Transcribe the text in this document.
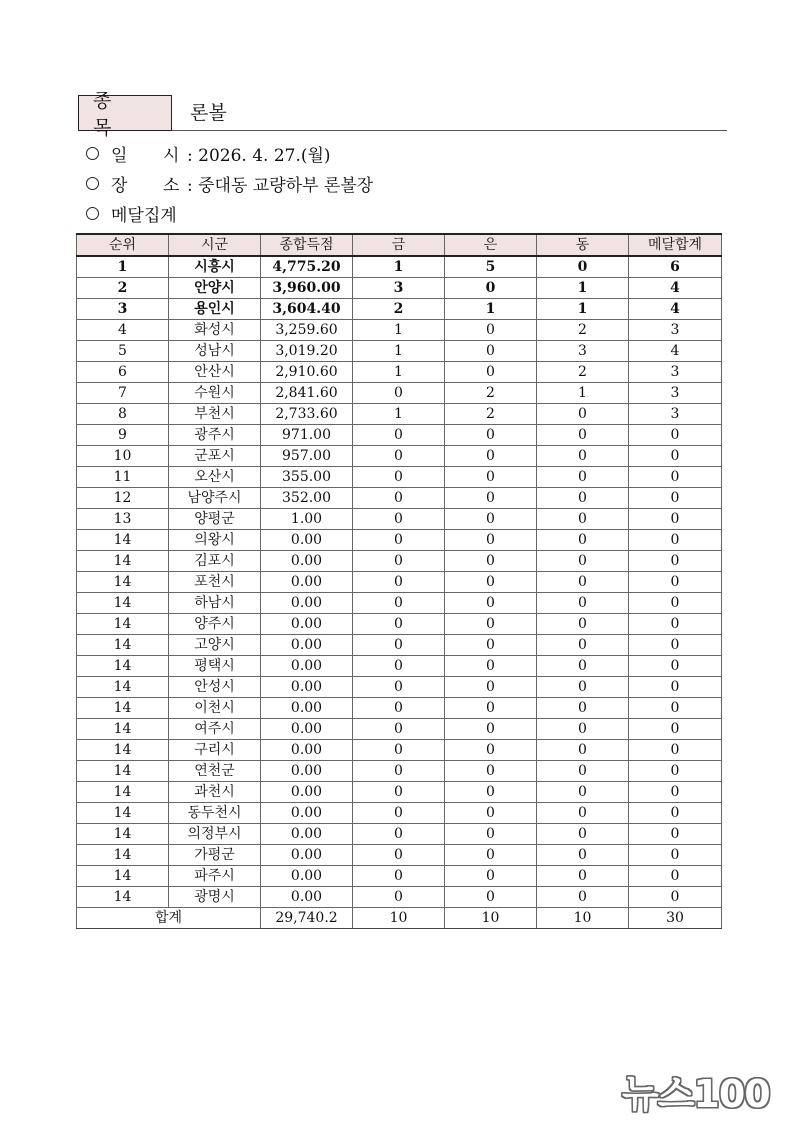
종 목
론볼
일 시 : 2026. 4. 27.(월)
장 소 : 중대동 교량하부 론볼장
메달집계
순위	시군	종합득점	금	은	동	메달합계
1	시흥시	4,775.20	1	5	0	6
2	안양시	3,960.00	3	0	1	4
3	용인시	3,604.40	2	1	1	4
4	화성시	3,259.60	1	0	2	3
5	성남시	3,019.20	1	0	3	4
6	안산시	2,910.60	1	0	2	3
7	수원시	2,841.60	0	2	1	3
8	부천시	2,733.60	1	2	0	3
9	광주시	971.00	0	0	0	0
10	군포시	957.00	0	0	0	0
11	오산시	355.00	0	0	0	0
12	남양주시	352.00	0	0	0	0
13	양평군	1.00	0	0	0	0
14	의왕시	0.00	0	0	0	0
14	김포시	0.00	0	0	0	0
14	포천시	0.00	0	0	0	0
14	하남시	0.00	0	0	0	0
14	양주시	0.00	0	0	0	0
14	고양시	0.00	0	0	0	0
14	평택시	0.00	0	0	0	0
14	안성시	0.00	0	0	0	0
14	이천시	0.00	0	0	0	0
14	여주시	0.00	0	0	0	0
14	구리시	0.00	0	0	0	0
14	연천군	0.00	0	0	0	0
14	과천시	0.00	0	0	0	0
14	동두천시	0.00	0	0	0	0
14	의정부시	0.00	0	0	0	0
14	가평군	0.00	0	0	0	0
14	파주시	0.00	0	0	0	0
14	광명시	0.00	0	0	0	0
합계		29,740.2	10	10	10	30
뉴스100
